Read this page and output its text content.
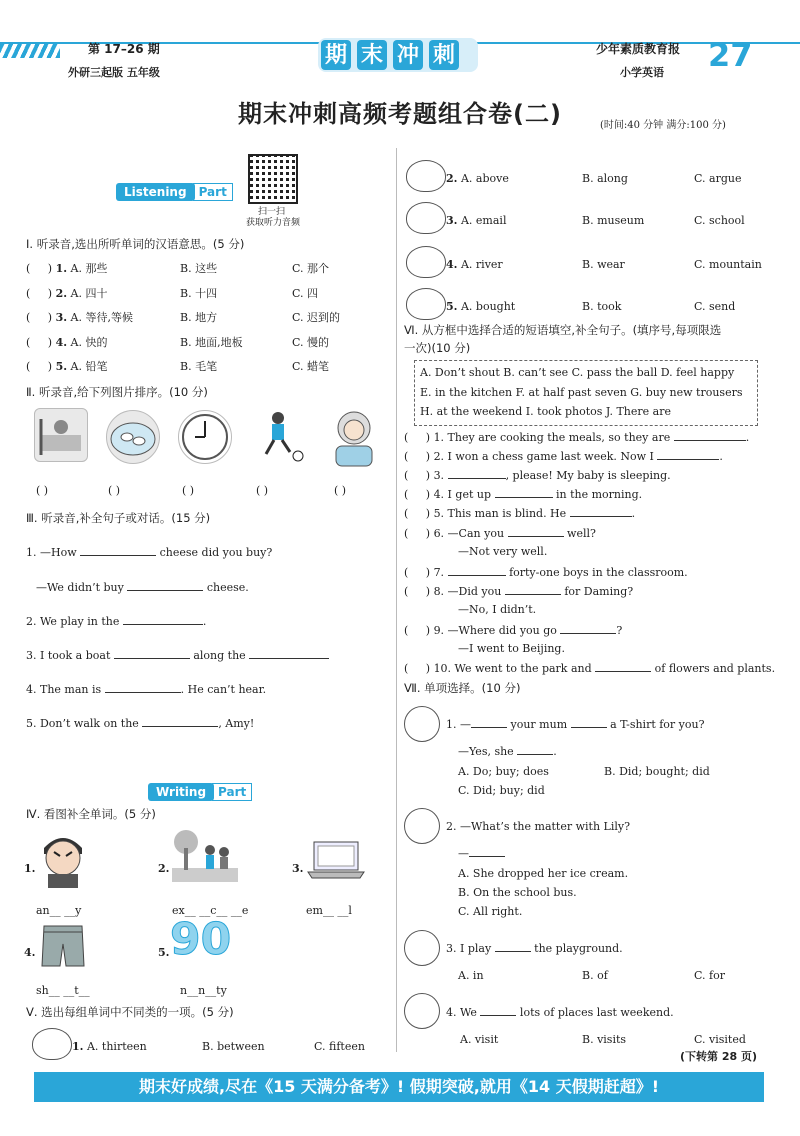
第 17–26 期
外研三起版 五年级
期 末 冲 刺	少年素质教育报
小学英语 27
期末冲刺高频考题组合卷(二)	(时间:40 分钟 满分:100 分)
Listening Part
扫一扫
获取听力音频
Ⅰ. 听录音,选出所听单词的汉语意思。(5 分)
(     ) 1. A. 那些	B. 这些	C. 那个
(     ) 2. A. 四十	B. 十四	C. 四
(     ) 3. A. 等待,等候	B. 地方	C. 迟到的
(     ) 4. A. 快的	B. 地面,地板	C. 慢的
(     ) 5. A. 铅笔	B. 毛笔	C. 蜡笔
Ⅱ. 听录音,给下列图片排序。(10 分)
( )	( )	( )	( )	( )
Ⅲ. 听录音,补全句子或对话。(15 分)
1. —How	cheese did you buy?
—We didn’t buy	cheese.
2. We play in the	.
3. I took a boat	along the
4. The man is	. He can’t hear.
5. Don’t walk on the	, Amy!
Writing Part
Ⅳ. 看图补全单词。(5 分)
1.	2.	3.
an__ __y	ex__ __c__ __e	em__ __l
4.	5. 90
sh__ __t__	n__n__ty
Ⅴ. 选出每组单词中不同类的一项。(5 分)
1. A. thirteen	B. between	C. fifteen
2. A. above	B. along	C. argue
3. A. email	B. museum	C. school
4. A. river	B. wear	C. mountain
5. A. bought	B. took	C. send
Ⅵ. 从方框中选择合适的短语填空,补全句子。(填序号,每项限选
一次)(10 分)
A. Don’t shout B. can’t see C. pass the ball D. feel happy
E. in the kitchen F. at half past seven G. buy new trousers
H. at the weekend I. took photos J. There are
(     ) 1. They are cooking the meals, so they are	.
(     ) 2. I won a chess game last week. Now I	.
(     ) 3.	, please! My baby is sleeping.
(     ) 4. I get up	in the morning.
(     ) 5. This man is blind. He	.
(     ) 6. —Can you	well?
—Not very well.
(     ) 7.	forty-one boys in the classroom.
(     ) 8. —Did you	for Daming?
—No, I didn’t.
(     ) 9. —Where did you go	?
—I went to Beijing.
(     ) 10. We went to the park and	of flowers and plants.
Ⅶ. 单项选择。(10 分)
1. —	your mum	a T-shirt for you?
—Yes, she	.
A. Do; buy; does	B. Did; bought; did
C. Did; buy; did
2. —What’s the matter with Lily?
—
A. She dropped her ice cream.
B. On the school bus.
C. All right.
3. I play	the playground.
A. in	B. of	C. for
4. We	lots of places last weekend.
A. visit	B. visits	C. visited
(下转第 28 页)
期末好成绩,尽在《15 天满分备考》! 假期突破,就用《14 天假期赶超》!
